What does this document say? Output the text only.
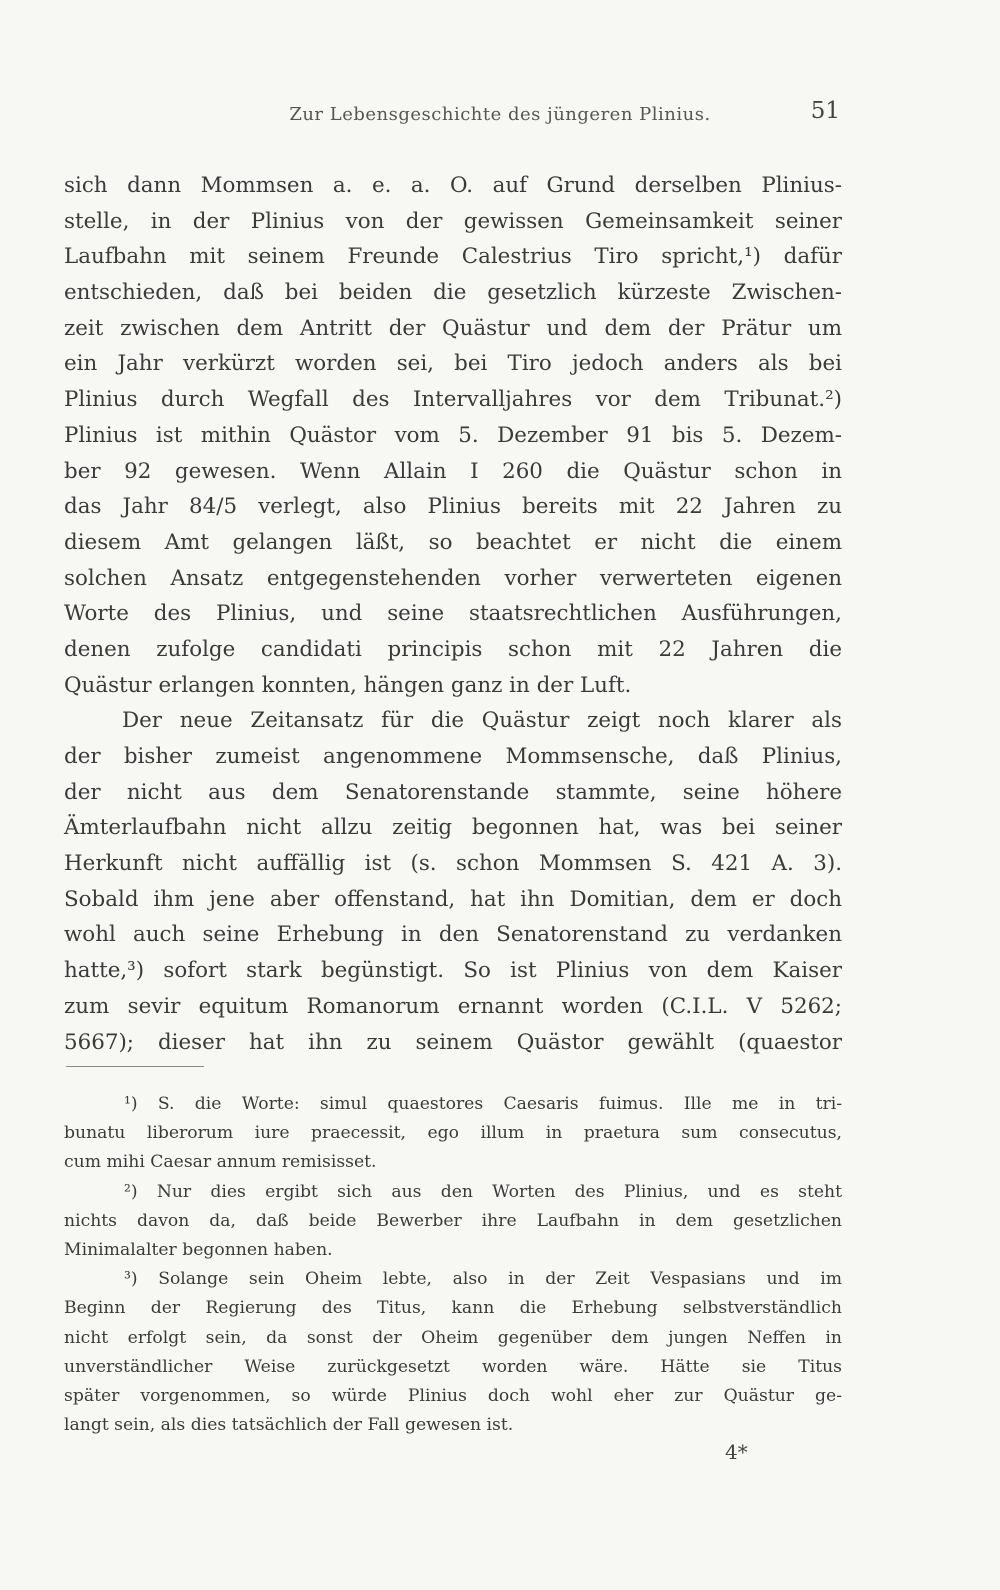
Zur Lebensgeschichte des jüngeren Plinius.	51
sich dann Mommsen a. e. a. O. auf Grund derselben Plinius-
stelle, in der Plinius von der gewissen Gemeinsamkeit seiner
Laufbahn mit seinem Freunde Calestrius Tiro spricht,¹) dafür
entschieden, daß bei beiden die gesetzlich kürzeste Zwischen-
zeit zwischen dem Antritt der Quästur und dem der Prätur um
ein Jahr verkürzt worden sei, bei Tiro jedoch anders als bei
Plinius durch Wegfall des Intervalljahres vor dem Tribunat.²)
Plinius ist mithin Quästor vom 5. Dezember 91 bis 5. Dezem-
ber 92 gewesen. Wenn Allain I 260 die Quästur schon in
das Jahr 84/5 verlegt, also Plinius bereits mit 22 Jahren zu
diesem Amt gelangen läßt, so beachtet er nicht die einem
solchen Ansatz entgegenstehenden vorher verwerteten eigenen
Worte des Plinius, und seine staatsrechtlichen Ausführungen,
denen zufolge candidati principis schon mit 22 Jahren die
Quästur erlangen konnten, hängen ganz in der Luft.
Der neue Zeitansatz für die Quästur zeigt noch klarer als
der bisher zumeist angenommene Mommsensche, daß Plinius,
der nicht aus dem Senatorenstande stammte, seine höhere
Ämterlaufbahn nicht allzu zeitig begonnen hat, was bei seiner
Herkunft nicht auffällig ist (s. schon Mommsen S. 421 A. 3).
Sobald ihm jene aber offenstand, hat ihn Domitian, dem er doch
wohl auch seine Erhebung in den Senatorenstand zu verdanken
hatte,³) sofort stark begünstigt. So ist Plinius von dem Kaiser
zum sevir equitum Romanorum ernannt worden (C.I.L. V 5262;
5667); dieser hat ihn zu seinem Quästor gewählt (quaestor
¹) S. die Worte: simul quaestores Caesaris fuimus. Ille me in tri-
bunatu liberorum iure praecessit, ego illum in praetura sum consecutus,
cum mihi Caesar annum remisisset.
²) Nur dies ergibt sich aus den Worten des Plinius, und es steht
nichts davon da, daß beide Bewerber ihre Laufbahn in dem gesetzlichen
Minimalalter begonnen haben.
³) Solange sein Oheim lebte, also in der Zeit Vespasians und im
Beginn der Regierung des Titus, kann die Erhebung selbstverständlich
nicht erfolgt sein, da sonst der Oheim gegenüber dem jungen Neffen in
unverständlicher Weise zurückgesetzt worden wäre. Hätte sie Titus
später vorgenommen, so würde Plinius doch wohl eher zur Quästur ge-
langt sein, als dies tatsächlich der Fall gewesen ist.
4*
